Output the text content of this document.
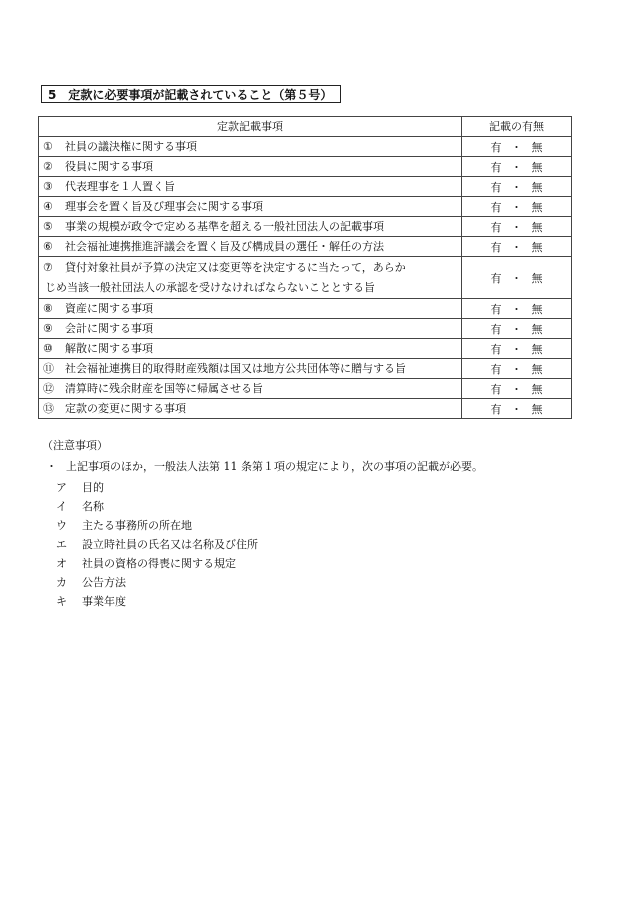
5 定款に必要事項が記載されていること（第５号）
定款記載事項	記載の有無
① 社員の議決権に関する事項	有 ・ 無
② 役員に関する事項	有 ・ 無
③ 代表理事を１人置く旨	有 ・ 無
④ 理事会を置く旨及び理事会に関する事項	有 ・ 無
⑤ 事業の規模が政令で定める基準を超える一般社団法人の記載事項	有 ・ 無
⑥ 社会福祉連携推進評議会を置く旨及び構成員の選任・解任の方法	有 ・ 無
⑦ 貸付対象社員が予算の決定又は変更等を決定するに当たって，あらか
じめ当該一般社団法人の承認を受けなければならないこととする旨	有 ・ 無
⑧ 資産に関する事項	有 ・ 無
⑨ 会計に関する事項	有 ・ 無
⑩ 解散に関する事項	有 ・ 無
⑪ 社会福祉連携目的取得財産残額は国又は地方公共団体等に贈与する旨	有 ・ 無
⑫ 清算時に残余財産を国等に帰属させる旨	有 ・ 無
⑬ 定款の変更に関する事項	有 ・ 無
（注意事項）
・ 上記事項のほか，一般法人法第 11 条第１項の規定により，次の事項の記載が必要。
ア 目的
イ 名称
ウ 主たる事務所の所在地
エ 設立時社員の氏名又は名称及び住所
オ 社員の資格の得喪に関する規定
カ 公告方法
キ 事業年度
